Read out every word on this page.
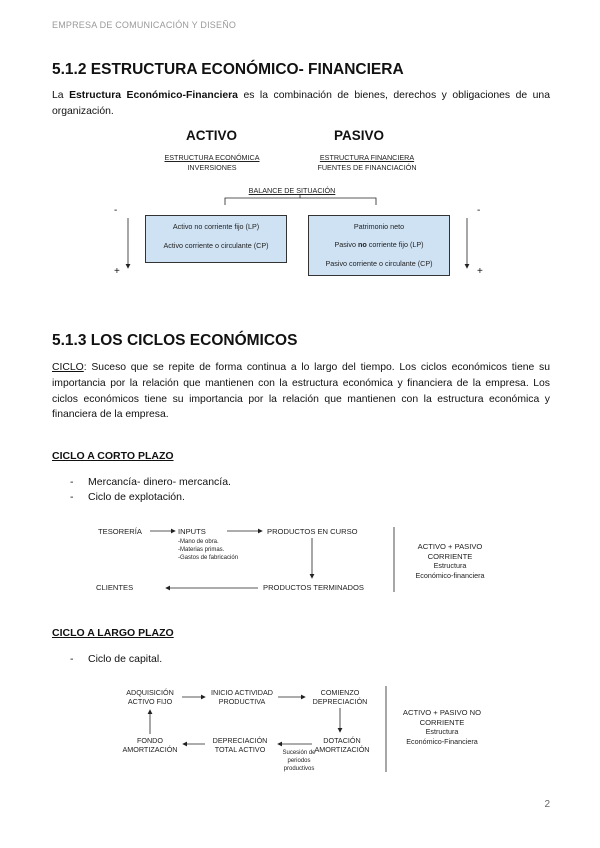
EMPRESA DE COMUNICACIÓN Y DISEÑO
5.1.2 ESTRUCTURA ECONÓMICO- FINANCIERA
La Estructura Económico-Financiera es la combinación de bienes, derechos y obligaciones de una organización.
ACTIVO	PASIVO
ESTRUCTURA ECONÓMICA
INVERSIONES
ESTRUCTURA FINANCIERA
FUENTES DE FINANCIACIÓN
BALANCE DE SITUACIÓN
Activo no corriente fijo (LP)
Activo corriente o circulante (CP)
Patrimonio neto
Pasivo no corriente fijo (LP)
Pasivo corriente o circulante (CP)
-
+
-
+
5.1.3 LOS CICLOS ECONÓMICOS
CICLO: Suceso que se repite de forma continua a lo largo del tiempo. Los ciclos económicos tiene su importancia por la relación que mantienen con la estructura económica y financiera de la empresa. Los ciclos económicos tiene su importancia por la relación que mantienen con la estructura económica y financiera de la empresa.
CICLO A CORTO PLAZO
- Mercancía- dinero- mercancía.
- Ciclo de explotación.
TESORERÍA	INPUTS
-Mano de obra.
-Materias primas.
-Gastos de fabricación
PRODUCTOS EN CURSO
PRODUCTOS TERMINADOS
CLIENTES
ACTIVO + PASIVO
CORRIENTE
Estructura
Económico-financiera
CICLO A LARGO PLAZO
- Ciclo de capital.
ADQUISICIÓN
ACTIVO FIJO
INICIO ACTIVIDAD
PRODUCTIVA
COMIENZO
DEPRECIACIÓN
FONDO
AMORTIZACIÓN
DEPRECIACIÓN
TOTAL ACTIVO
DOTACIÓN
AMORTIZACIÓN
Sucesión de
periodos
productivos
ACTIVO + PASIVO NO
CORRIENTE
Estructura
Económico-Financiera
2
